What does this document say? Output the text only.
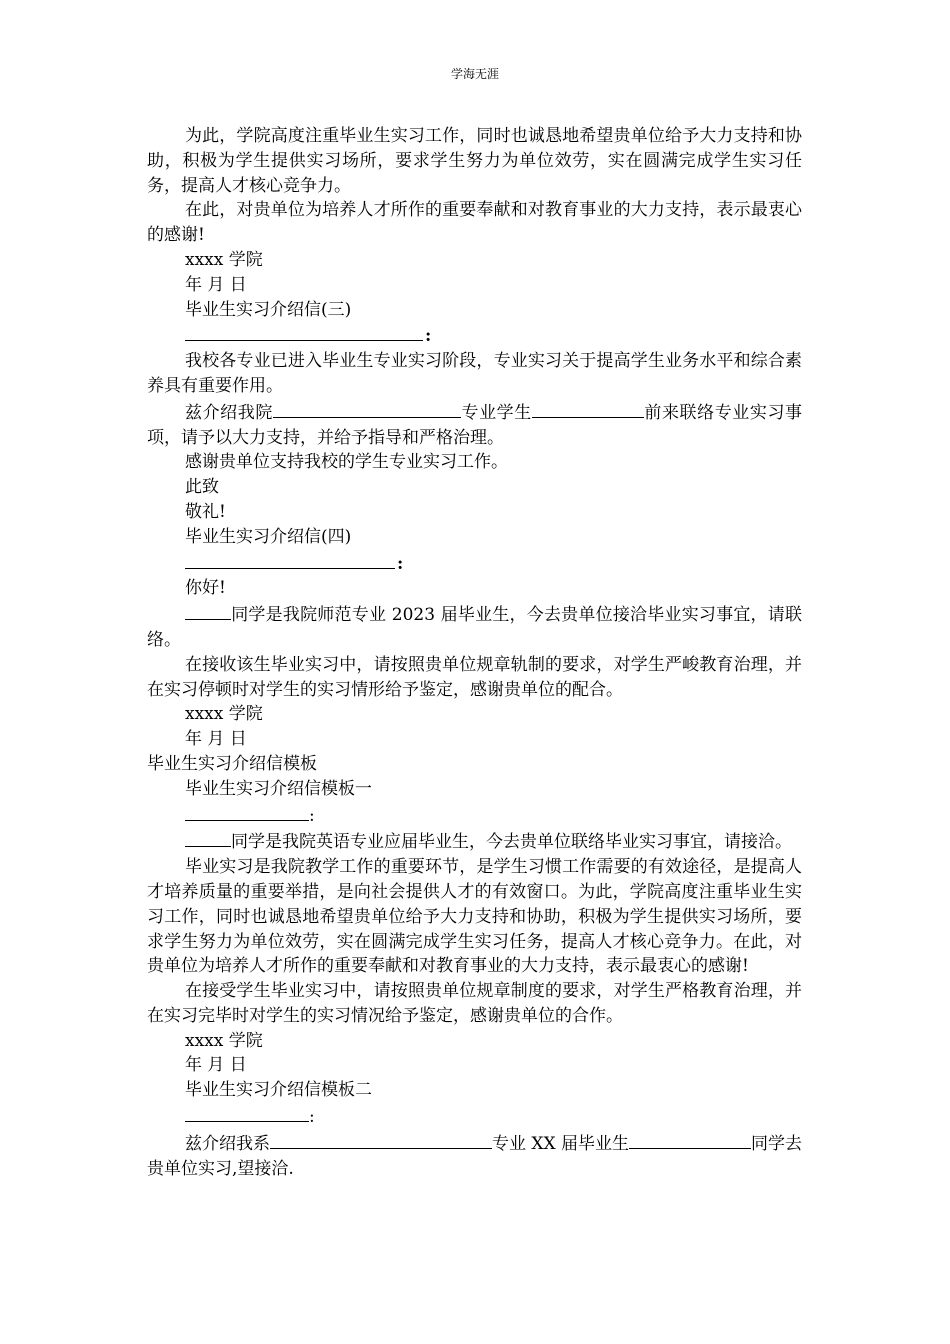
学海无涯

为此，学院高度注重毕业生实习工作，同时也诚恳地希望贵单位给予大力支持和协助，积极为学生提供实习场所，要求学生努力为单位效劳，实在圆满完成学生实习任务，提高人才核心竞争力。

在此，对贵单位为培养人才所作的重要奉献和对教育事业的大力支持，表示最衷心的感谢!

xxxx 学院

年 月 日

毕业生实习介绍信(三)

:

我校各专业已进入毕业生专业实习阶段，专业实习关于提高学生业务水平和综合素养具有重要作用。

兹介绍我院	专业学生	前来联络专业实习事项，请予以大力支持，并给予指导和严格治理。

感谢贵单位支持我校的学生专业实习工作。

此致

敬礼!

毕业生实习介绍信(四)

:

你好!

同学是我院师范专业 2023 届毕业生，今去贵单位接洽毕业实习事宜，请联络。

在接收该生毕业实习中，请按照贵单位规章轨制的要求，对学生严峻教育治理，并在实习停顿时对学生的实习情形给予鉴定，感谢贵单位的配合。

xxxx 学院

年 月 日

毕业生实习介绍信模板

毕业生实习介绍信模板一

:

同学是我院英语专业应届毕业生，今去贵单位联络毕业实习事宜，请接洽。

毕业实习是我院教学工作的重要环节，是学生习惯工作需要的有效途径，是提高人才培养质量的重要举措，是向社会提供人才的有效窗口。为此，学院高度注重毕业生实习工作，同时也诚恳地希望贵单位给予大力支持和协助，积极为学生提供实习场所，要求学生努力为单位效劳，实在圆满完成学生实习任务，提高人才核心竞争力。在此，对贵单位为培养人才所作的重要奉献和对教育事业的大力支持，表示最衷心的感谢!

在接受学生毕业实习中，请按照贵单位规章制度的要求，对学生严格教育治理，并在实习完毕时对学生的实习情况给予鉴定，感谢贵单位的合作。

xxxx 学院

年 月 日

毕业生实习介绍信模板二

:

兹介绍我系	专业 XX 届毕业生	同学去贵单位实习,望接洽.
